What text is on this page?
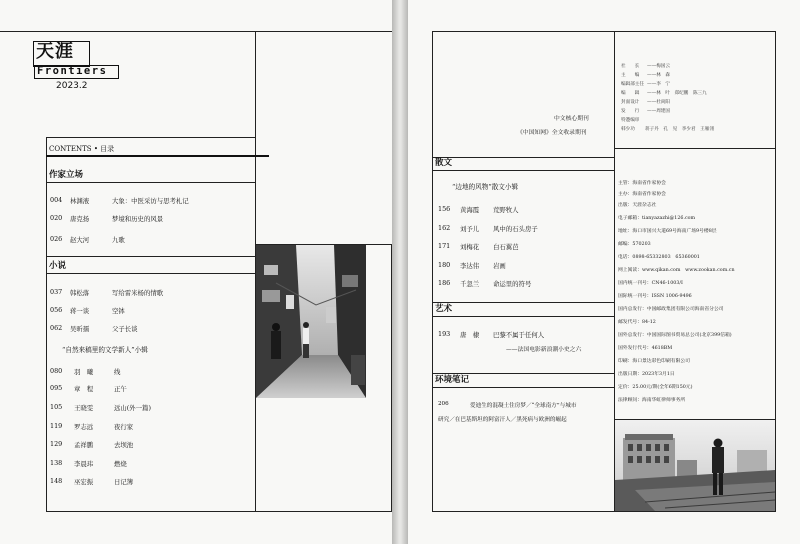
天涯
Frontiers
2023.2
CONTENTS • 目录
作家立场
004 林渊液	大象：中医采访与思考札记
020 唐克扬	梦境和历史的风景
026 赵大河	九歌
小说
037 韩松落	写给雷米杨的情歌
056 蒋一谈	空钵
062 吴昕孺	父子长谈
“自然来稿里的文学新人”小辑
080 羽　曦	线
095 章　程	正午
105 王晓雯	远山(外一篇)
119 罗志远	夜行家
129 孟祥鹏	去坝池
138 李晨玮	燃烧
148 巫宏振	日记簿
社　　长 ——梅国云
主　　编 ——林　森
编辑部主任 ——李　宁
编　　辑 ——林　叶　郑纪鹏　陈三九
封面设计 ——杜尚阳
发　　行 ——周建国
特邀编审
韩少功 蒋子丹　孔　见　李少君　王雁翎
中文核心期刊
《中国知网》全文收录期刊
散文
“边地的风物”散文小辑
156 黄海霞 荒野牧人
162 刘予儿 风中的石头房子
171 刘梅花 白石翼芭
180 李达伟 岩画
186 千忽兰 命运里的符号
艺术
193 唐　棣 巴黎不属于任何人
——法国电影新浪潮小史之六
环境笔记
206	爱迪生的混凝土住房梦／“全球南方”与城市
研究／在巴基斯坦的阿富汗人／黑死病与欧洲的崛起
主管：海南省作家协会
主办：海南省作家协会
出版：天涯杂志社
电子邮箱：tianyazazhi@126.com
地址：海口市国兴大道69号海南广场9号楼8层
邮编：570203
电话：0898-65332803　65360001
网上阅读：www.qikan.com　www.zookan.com.cn
国内统一刊号：CN46-1003/I
国际统一刊号：ISSN 1006-9496
国内总发行：中国邮政集团有限公司海南省分公司
邮发代号：84-12
国外总发行：中国国际图书贸易总公司(北京399信箱)
国外发行代号：4618BM
印刷：海口景达彩色印刷有限公司
出版日期：2023年3月1日
定价：25.00元/期(全年6期150元)
法律顾问：海南华虹律师事务所
